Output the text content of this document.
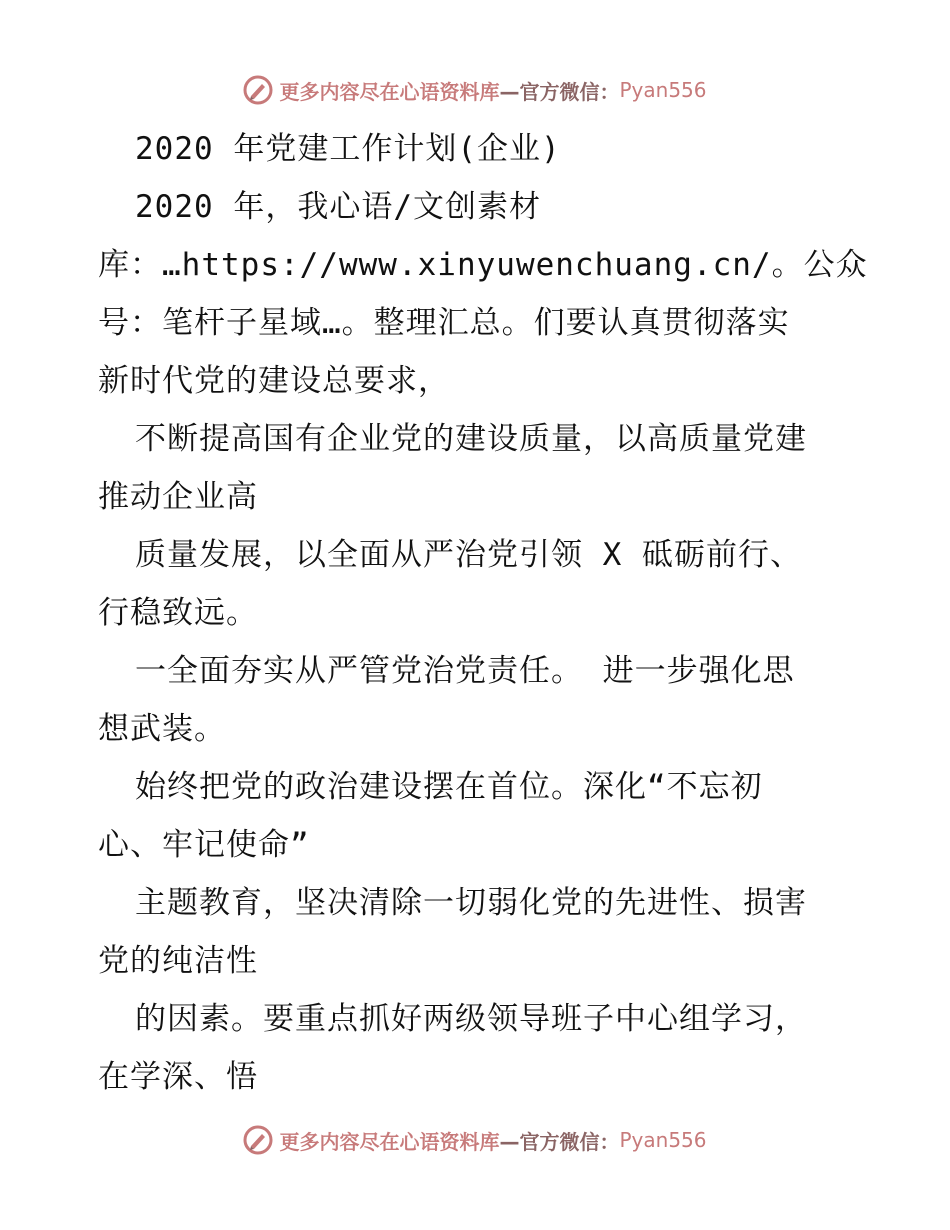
更多内容尽在心语资料库 —官方微信： Pyan556

2020 年党建工作计划(企业)

2020 年，我心语/文创素材

库：…https://www.xinyuwenchuang.cn/。公众

号：笔杆子星域…。整理汇总。们要认真贯彻落实

新时代党的建设总要求，

不断提高国有企业党的建设质量，以高质量党建

推动企业高

质量发展，以全面从严治党引领 X 砥砺前行、

行稳致远。

一全面夯实从严管党治党责任。 进一步强化思

想武装。

始终把党的政治建设摆在首位。深化“不忘初

心、牢记使命”

主题教育，坚决清除一切弱化党的先进性、损害

党的纯洁性

的因素。要重点抓好两级领导班子中心组学习，

在学深、悟

更多内容尽在心语资料库 —官方微信： Pyan556
